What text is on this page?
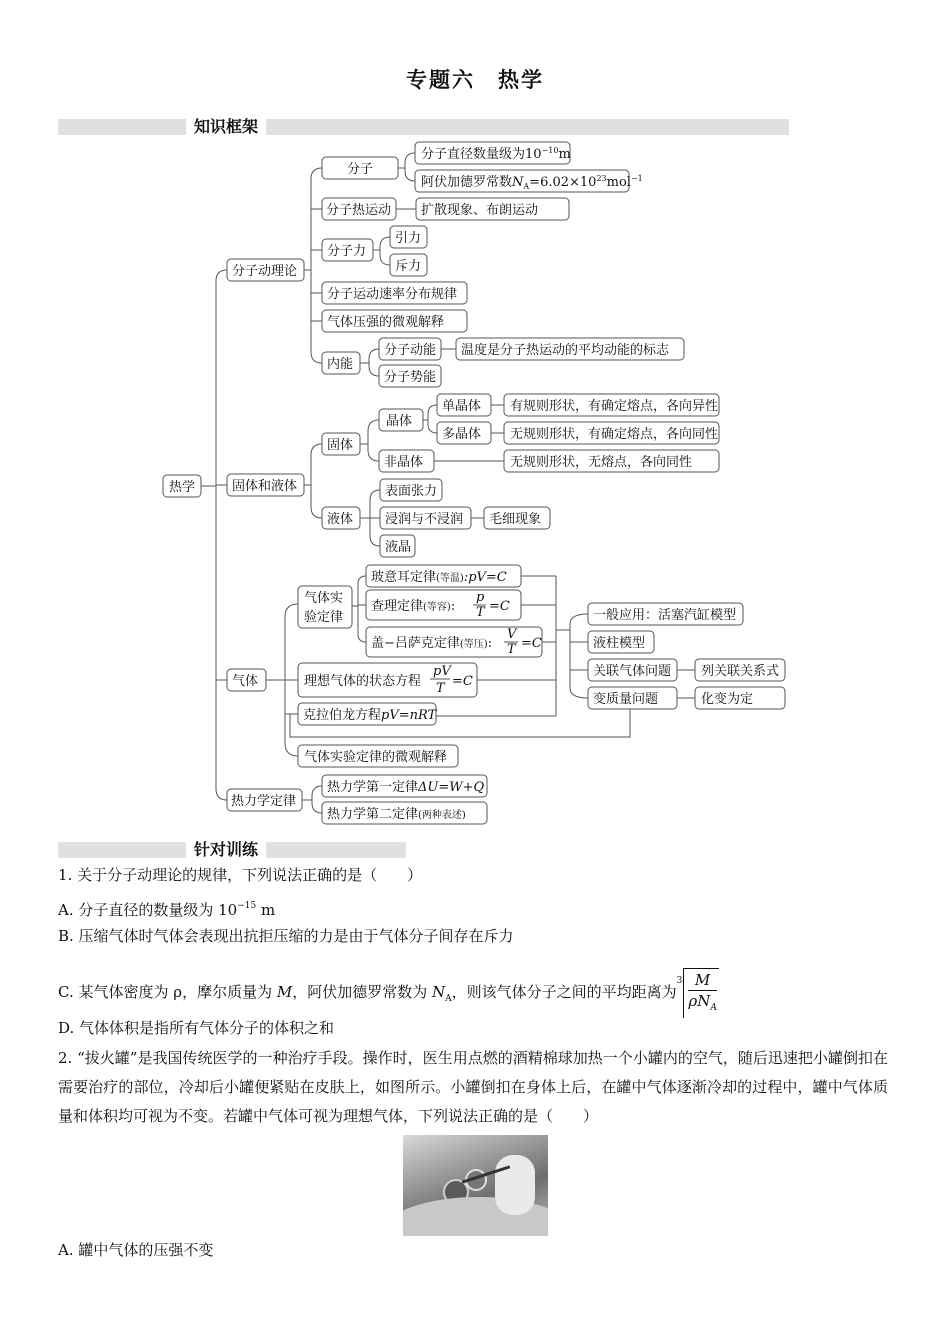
专题六　热学
知识框架
热学
分子动理论
分子
分子直径数量级为$10^{-10}m$
阿伏加德罗常数$N_A=6.02\times 10^{23}mol^{-1}$
分子热运动 扩散现象、布朗运动
分子力
引力
斥力
分子运动速率分布规律
气体压强的微观解释
内能
分子动能 温度是分子热运动的平均动能的标志
分子势能
固体和液体
固体
晶体
单晶体 有规则形状，有确定熔点，各向异性
多晶体 无规则形状，有确定熔点，各向同性
非晶体	无规则形状，无熔点，各向同性
液体
表面张力
浸润与不浸润 毛细现象
液晶
气体
气体实
验定律
玻意耳定律(等温):pV=C
查理定律(等容):
p
T =C
盖−吕萨克定律(等压):
V
T =C
理想气体的状态方程
pV
T =C
克拉伯龙方程pV=nRT
气体实验定律的微观解释
一般应用：活塞汽缸模型
液柱模型
关联气体问题 列关联关系式
变质量问题	化变为定
热力学定律
热力学第一定律ΔU=W+Q
热力学第二定律(两种表述)
针对训练
1. 关于分子动理论的规律，下列说法正确的是（　　）
A. 分子直径的数量级为 $10^{-15}$ m
B. 压缩气体时气体会表现出抗拒压缩的力是由于气体分子间存在斥力
C. 某气体密度为 ρ，摩尔质量为 M，阿伏加德罗常数为 $N_A$，则该气体分子之间的平均距离为$^3 \frac{M}{\rho N_A}$
D. 气体体积是指所有气体分子的体积之和
2. “拔火罐”是我国传统医学的一种治疗手段。操作时，医生用点燃的酒精棉球加热一个小罐内的空气，随后迅速把小罐倒扣在需要治疗的部位，冷却后小罐便紧贴在皮肤上，如图所示。小罐倒扣在身体上后，在罐中气体逐渐冷却的过程中，罐中气体质量和体积均可视为不变。若罐中气体可视为理想气体，下列说法正确的是（　　）
A. 罐中气体的压强不变
